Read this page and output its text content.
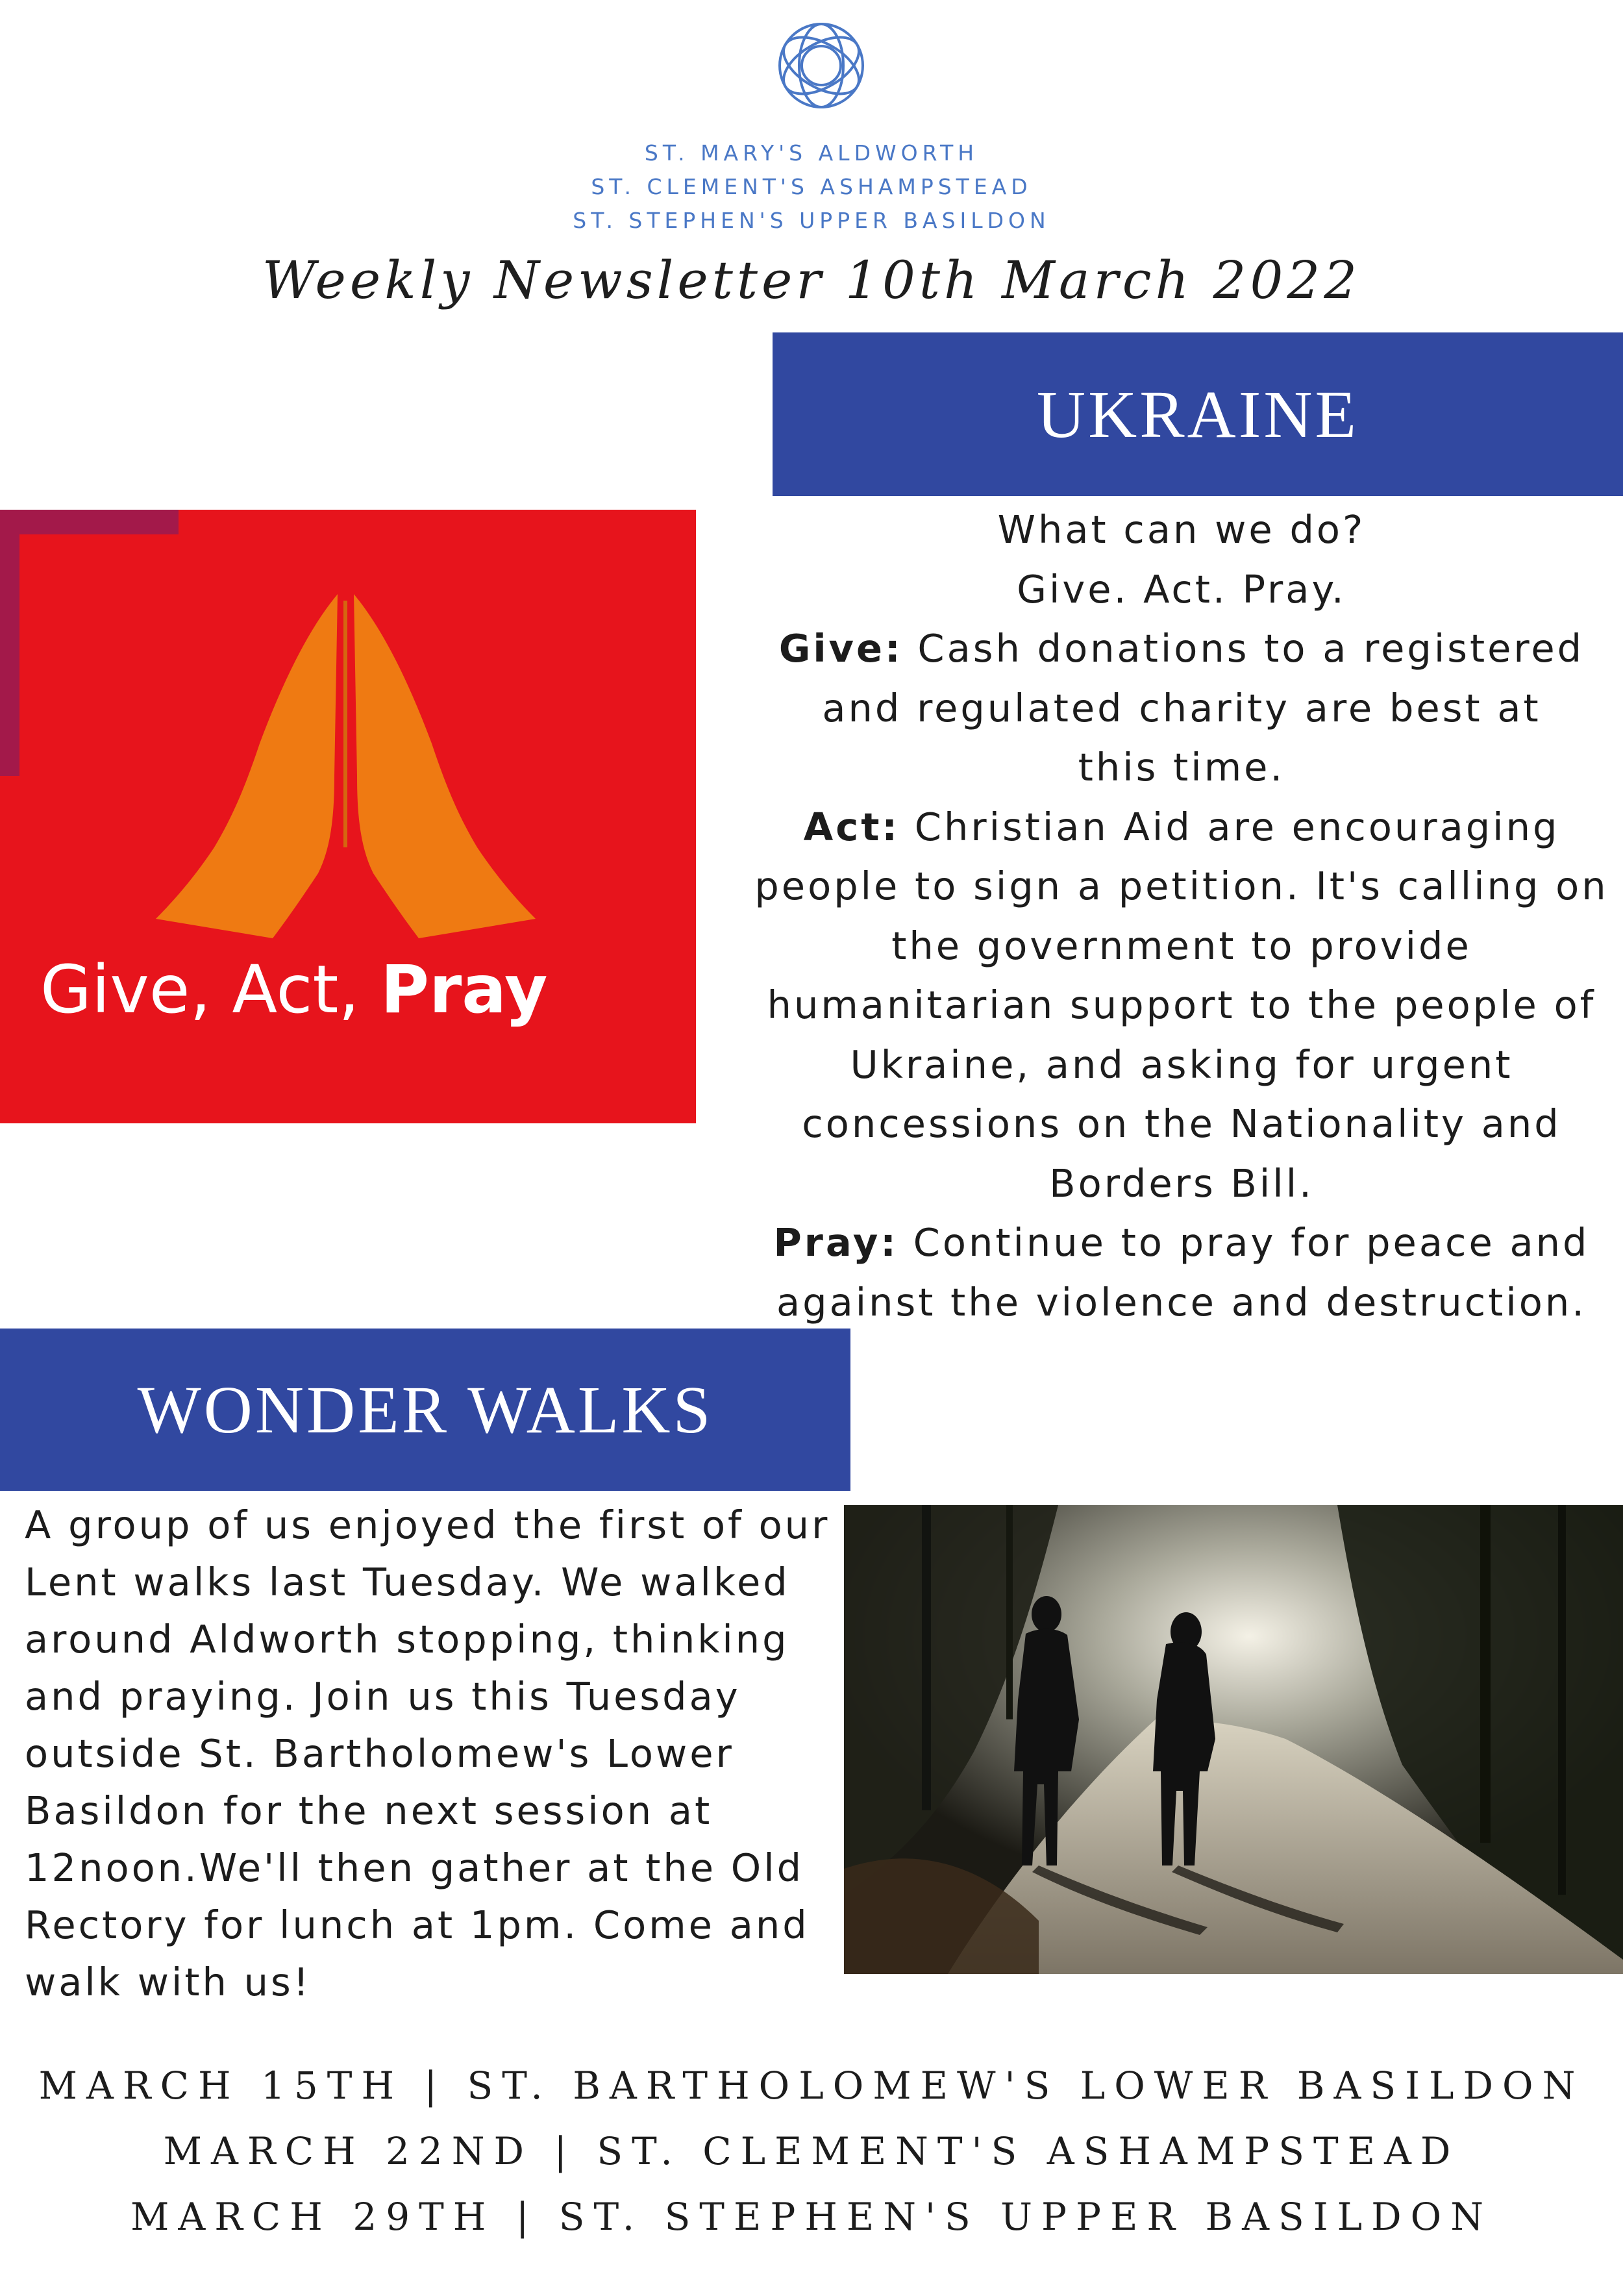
ST. MARY'S ALDWORTH
ST. CLEMENT'S ASHAMPSTEAD
ST. STEPHEN'S UPPER BASILDON
Weekly Newsletter 10th March 2022
UKRAINE
Give, Act, Pray

What can we do?

Give. Act. Pray.

Give: Cash donations to a registered

and regulated charity are best at

this time.

Act: Christian Aid are encouraging

people to sign a petition. It's calling on

the government to provide

humanitarian support to the people of

Ukraine, and asking for urgent

concessions on the Nationality and

Borders Bill.

Pray: Continue to pray for peace and

against the violence and destruction.

WONDER WALKS
A group of us enjoyed the first of our
Lent walks last Tuesday. We walked
around Aldworth stopping, thinking
and praying. Join us this Tuesday
outside St. Bartholomew's Lower
Basildon for the next session at
12noon.We'll then gather at the Old
Rectory for lunch at 1pm. Come and
walk with us!
MARCH 15TH | ST. BARTHOLOMEW'S LOWER BASILDON
MARCH 22ND | ST. CLEMENT'S ASHAMPSTEAD
MARCH 29TH | ST. STEPHEN'S UPPER BASILDON
